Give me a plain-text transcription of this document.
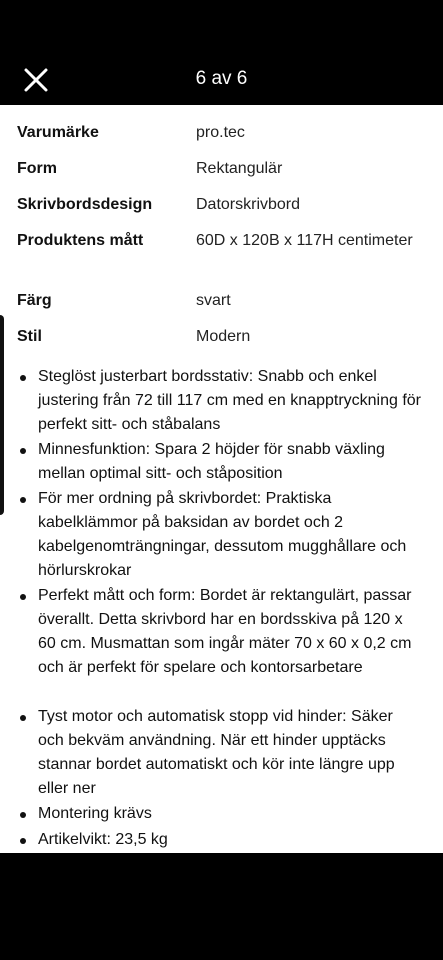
6 av 6
Varumärke	pro.tec
Form	Rektangulär
Skrivbordsdesign	Datorskrivbord
Produktens mått	60D x 120B x 117H centimeter
Färg	svart
Stil	Modern
Steglöst justerbart bordsstativ: Snabb och enkel justering från 72 till 117 cm med en knapptryckning för perfekt sitt- och ståbalans
Minnesfunktion: Spara 2 höjder för snabb växling mellan optimal sitt- och ståposition
För mer ordning på skrivbordet: Praktiska kabelklämmor på baksidan av bordet och 2 kabelgenomträngningar, dessutom mugghållare och hörlurskrokar
Perfekt mått och form: Bordet är rektangulärt, passar överallt. Detta skrivbord har en bordsskiva på 120 x 60 cm. Musmattan som ingår mäter 70 x 60 x 0,2 cm och är perfekt för spelare och kontorsarbetare
Tyst motor och automatisk stopp vid hinder: Säker och bekväm användning. När ett hinder upptäcks stannar bordet automatiskt och kör inte längre upp eller ner
Montering krävs
Artikelvikt: 23,5 kg
